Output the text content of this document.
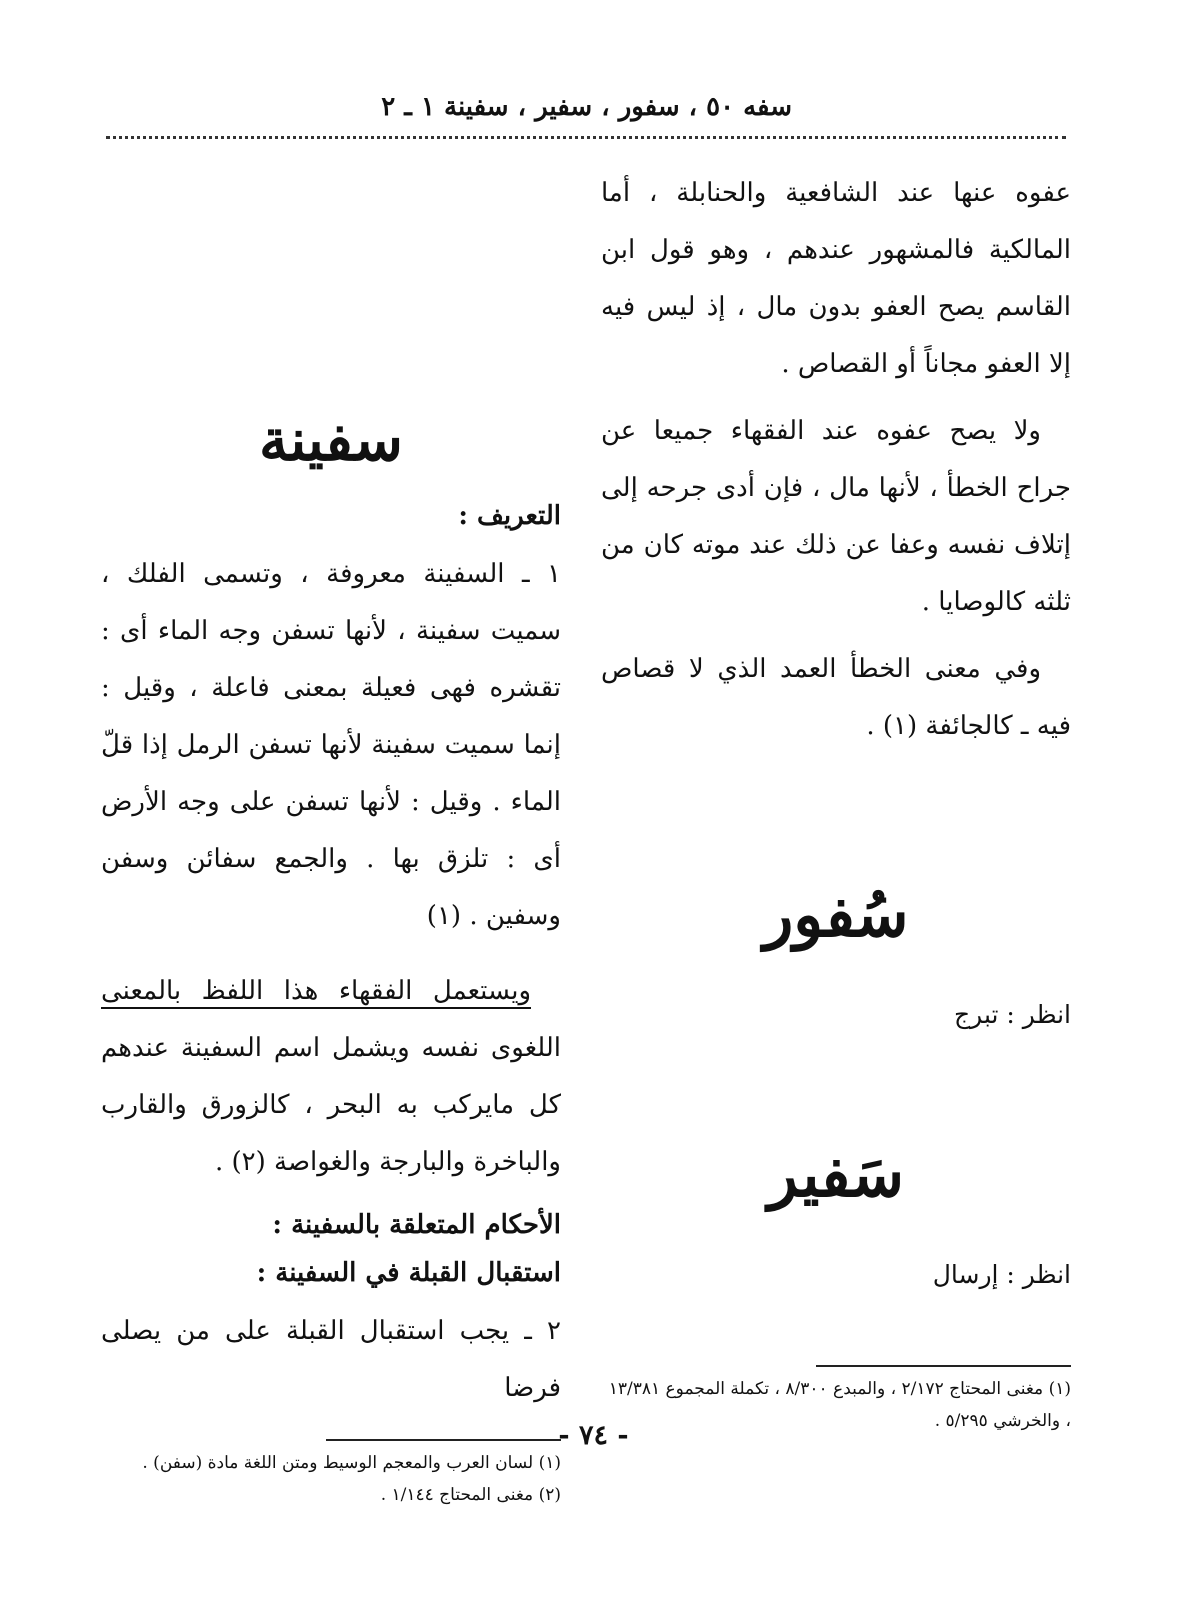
سفه ٥٠ ، سفور ، سفير ، سفينة ١ ـ ٢

عفوه عنها عند الشافعية والحنابلة ، أما المالكية فالمشهور عندهم ، وهو قول ابن القاسم يصح العفو بدون مال ، إذ ليس فيه إلا العفو مجاناً أو القصاص .

ولا يصح عفوه عند الفقهاء جميعا عن جراح الخطأ ، لأنها مال ، فإن أدى جرحه إلى إتلاف نفسه وعفا عن ذلك عند موته كان من ثلثه كالوصايا .

وفي معنى الخطأ العمد الذي لا قصاص فيه ـ كالجائفة (١) .

سُفور

انظر : تبرج

سَفير

انظر : إرسال

(١) مغنى المحتاج ٢/١٧٢ ، والمبدع ٨/٣٠٠ ، تكملة المجموع ١٣/٣٨١ ، والخرشي ٥/٢٩٥ .

سفينة

التعريف :

١ ـ السفينة معروفة ، وتسمى الفلك ، سميت سفينة ، لأنها تسفن وجه الماء أى : تقشره فهى فعيلة بمعنى فاعلة ، وقيل : إنما سميت سفينة لأنها تسفن الرمل إذا قلّ الماء . وقيل : لأنها تسفن على وجه الأرض أى : تلزق بها . والجمع سفائن وسفن وسفين . (١)

ويستعمل الفقهاء هذا اللفظ بالمعنى اللغوى نفسه ويشمل اسم السفينة عندهم كل مايركب به البحر ، كالزورق والقارب والباخرة والبارجة والغواصة (٢) .

الأحكام المتعلقة بالسفينة :

استقبال القبلة في السفينة :

٢ ـ يجب استقبال القبلة على من يصلى فرضا

(١) لسان العرب والمعجم الوسيط ومتن اللغة مادة (سفن) .

(٢) مغنى المحتاج ١/١٤٤ .

- ٧٤ -
